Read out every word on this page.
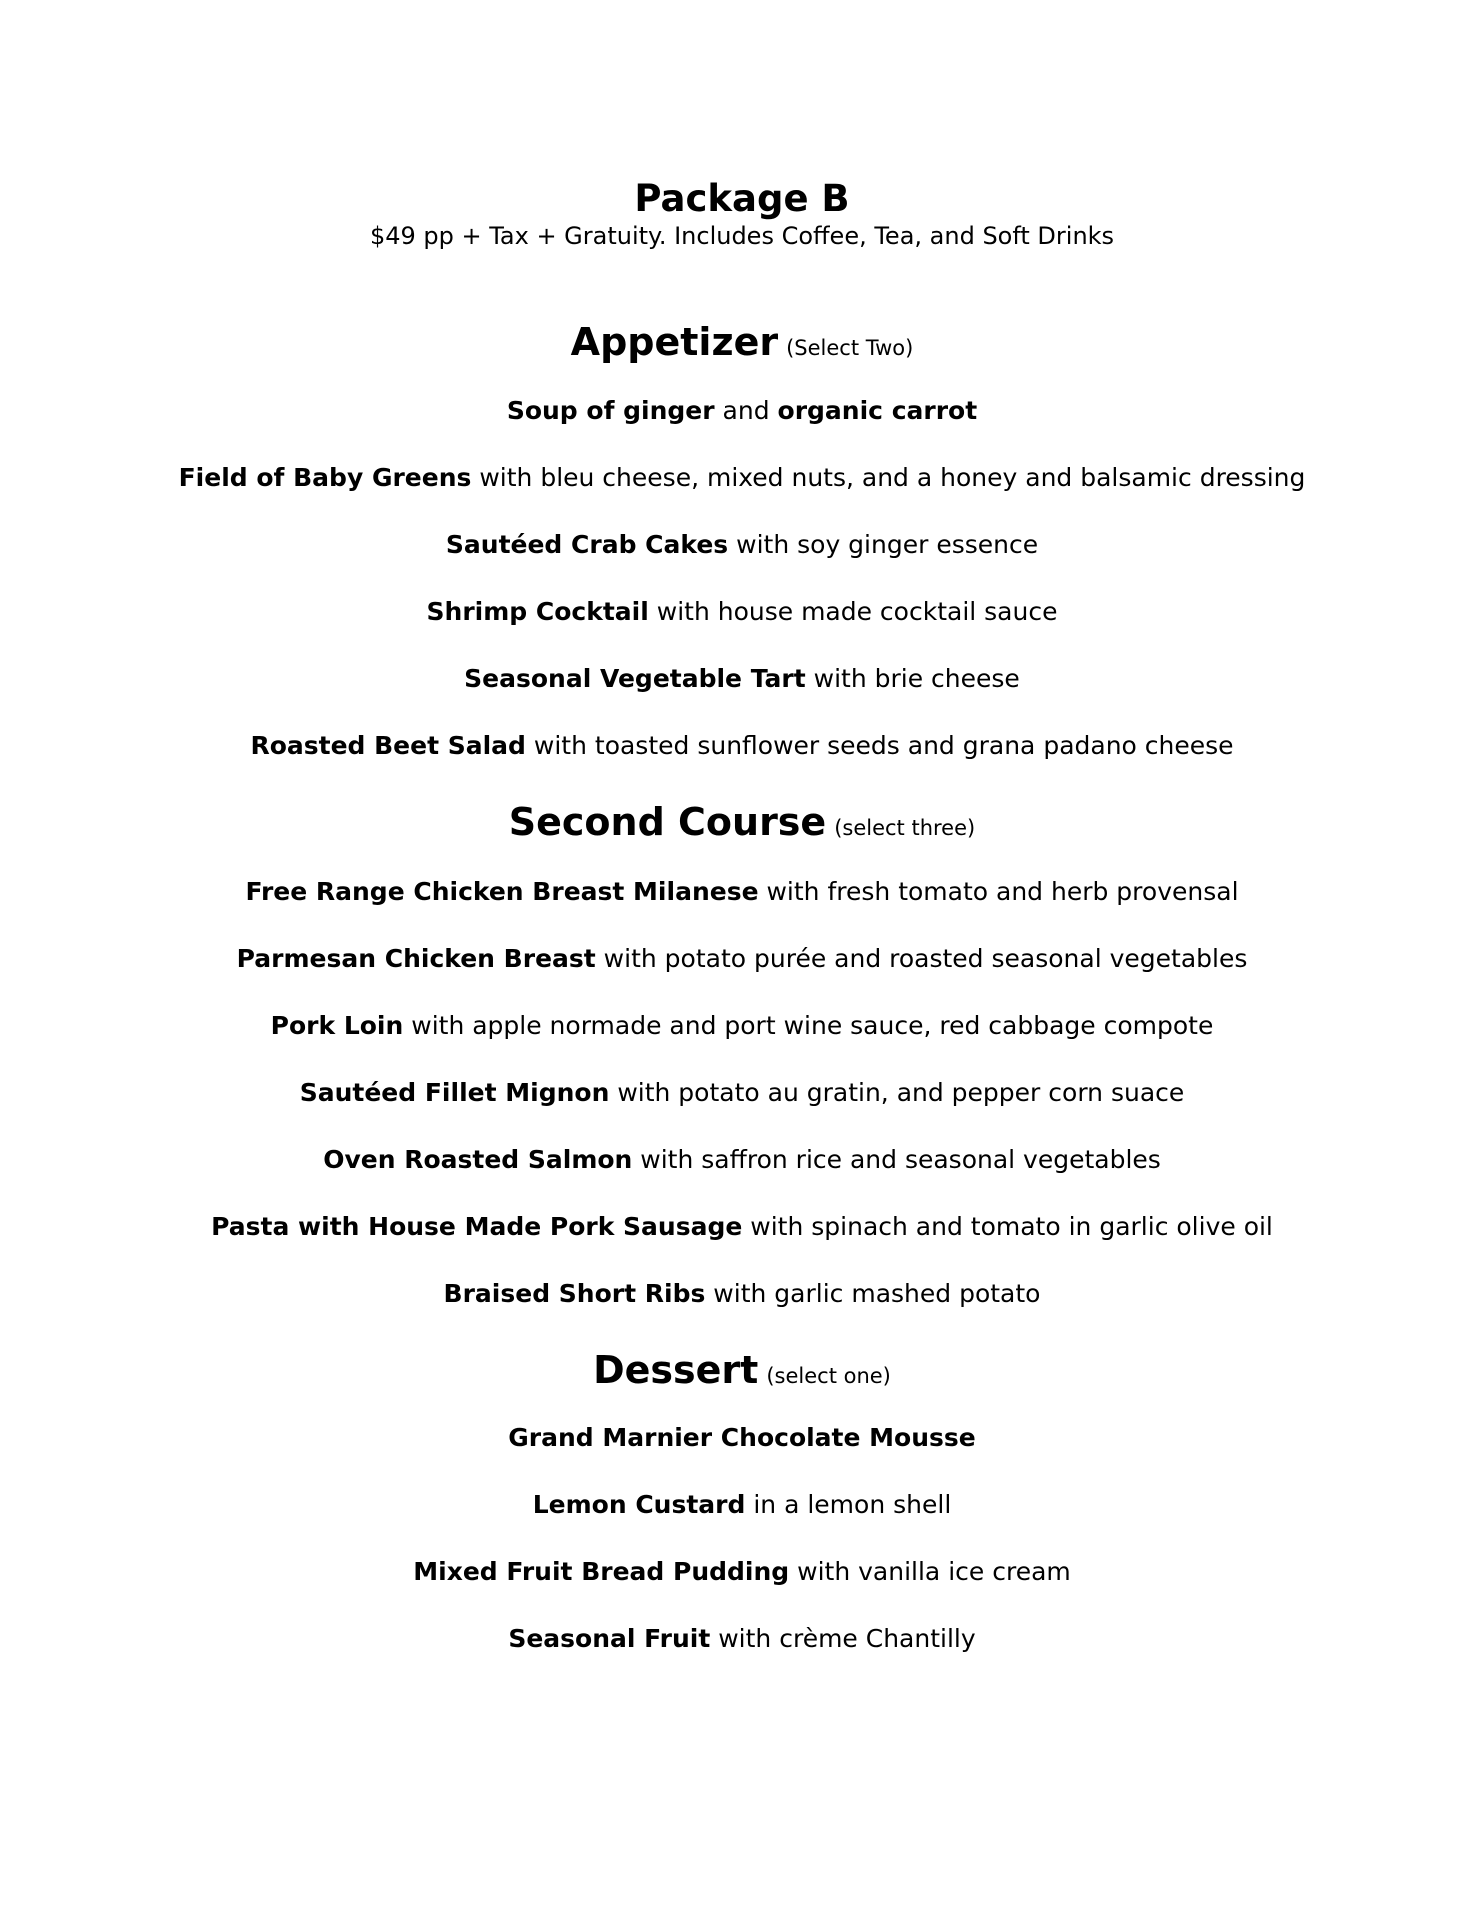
Package B
$49 pp + Tax + Gratuity. Includes Coffee, Tea, and Soft Drinks
Appetizer (Select Two)
Soup of ginger and organic carrot
Field of Baby Greens with bleu cheese, mixed nuts, and a honey and balsamic dressing
Sautéed Crab Cakes with soy ginger essence
Shrimp Cocktail with house made cocktail sauce
Seasonal Vegetable Tart with brie cheese
Roasted Beet Salad with toasted sunflower seeds and grana padano cheese
Second Course (select three)
Free Range Chicken Breast Milanese with fresh tomato and herb provensal
Parmesan Chicken Breast with potato purée and roasted seasonal vegetables
Pork Loin with apple normade and port wine sauce, red cabbage compote
Sautéed Fillet Mignon with potato au gratin, and pepper corn suace
Oven Roasted Salmon with saffron rice and seasonal vegetables
Pasta with House Made Pork Sausage with spinach and tomato in garlic olive oil
Braised Short Ribs with garlic mashed potato
Dessert (select one)
Grand Marnier Chocolate Mousse
Lemon Custard in a lemon shell
Mixed Fruit Bread Pudding with vanilla ice cream
Seasonal Fruit with crème Chantilly
